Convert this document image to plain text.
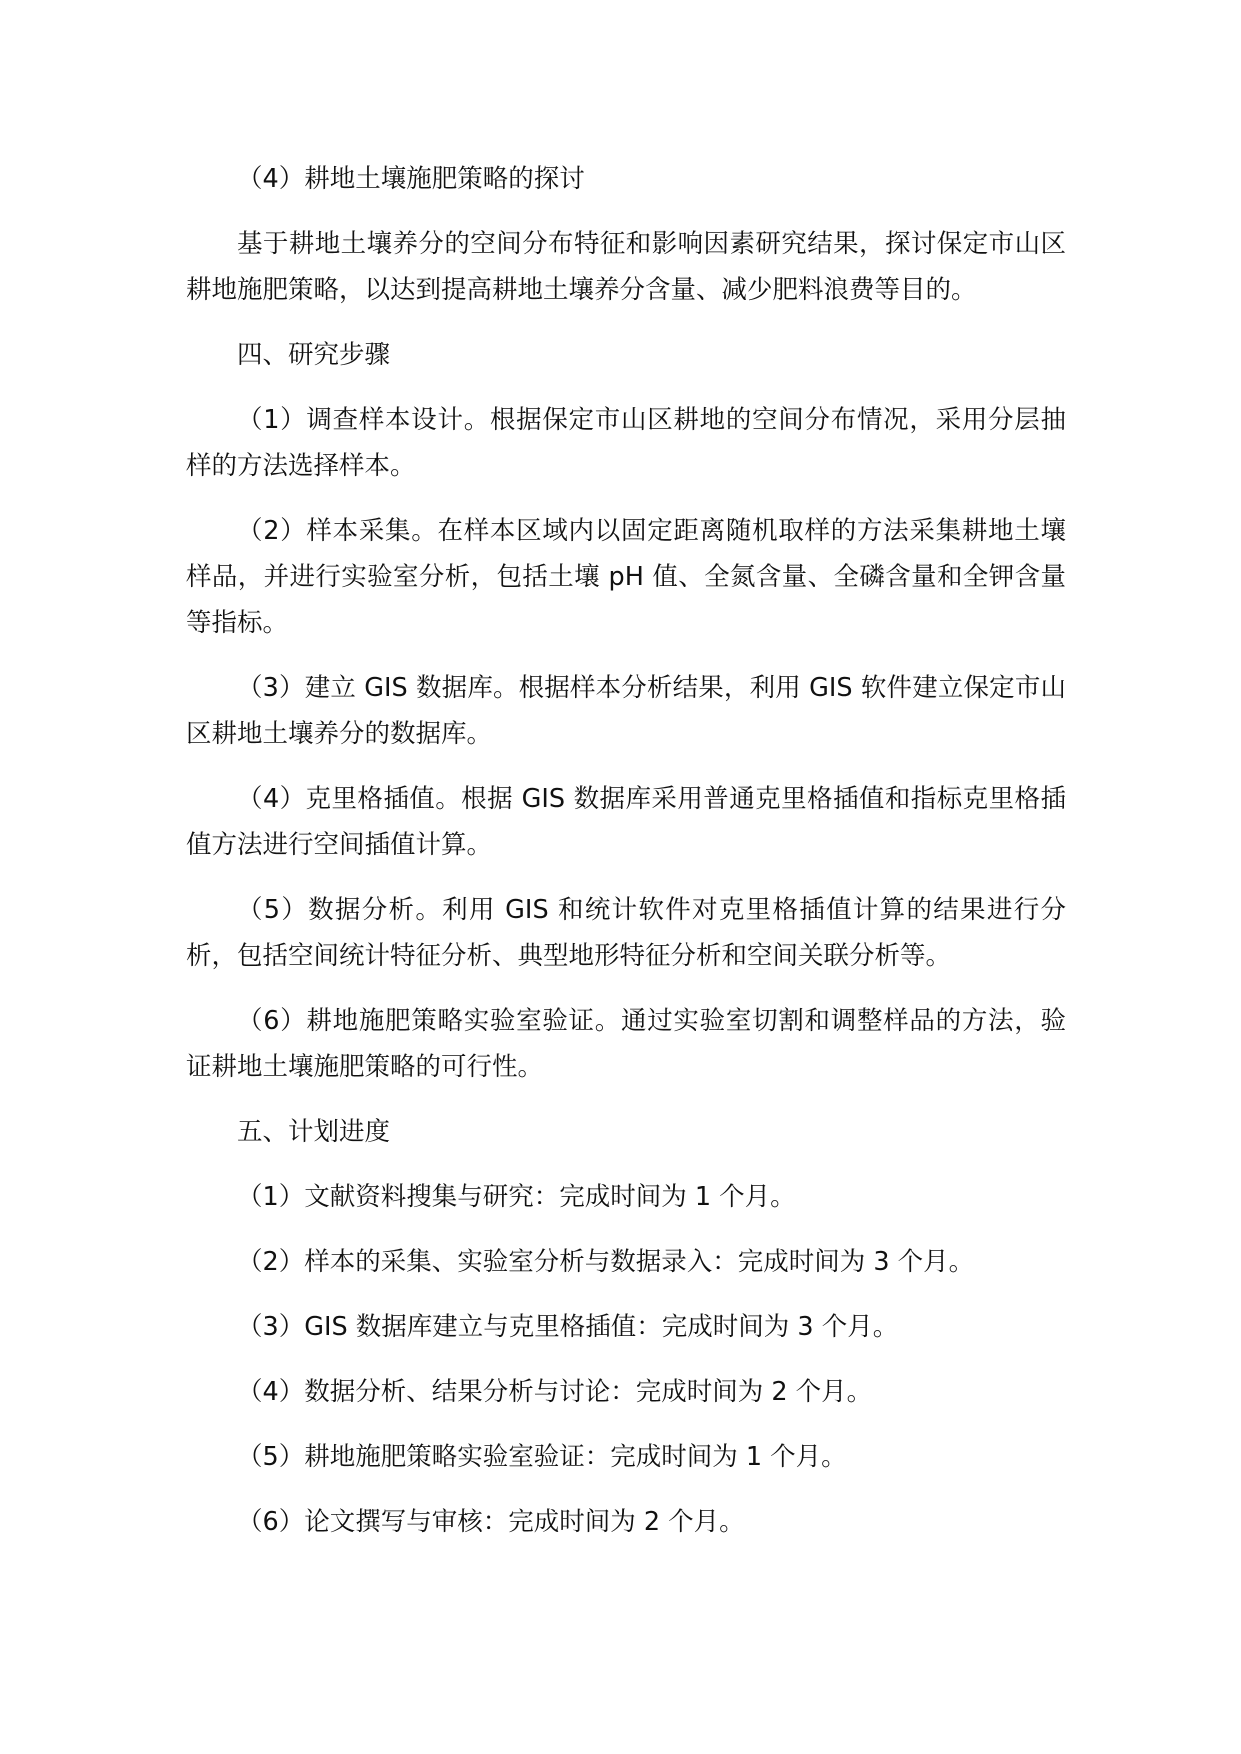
（4）耕地土壤施肥策略的探讨

基于耕地土壤养分的空间分布特征和影响因素研究结果，探讨保定市山区耕地施肥策略，以达到提高耕地土壤养分含量、减少肥料浪费等目的。

四、研究步骤

（1）调查样本设计。根据保定市山区耕地的空间分布情况，采用分层抽样的方法选择样本。

（2）样本采集。在样本区域内以固定距离随机取样的方法采集耕地土壤样品，并进行实验室分析，包括土壤 pH 值、全氮含量、全磷含量和全钾含量等指标。

（3）建立 GIS 数据库。根据样本分析结果，利用 GIS 软件建立保定市山区耕地土壤养分的数据库。

（4）克里格插值。根据 GIS 数据库采用普通克里格插值和指标克里格插值方法进行空间插值计算。

（5）数据分析。利用 GIS 和统计软件对克里格插值计算的结果进行分析，包括空间统计特征分析、典型地形特征分析和空间关联分析等。

（6）耕地施肥策略实验室验证。通过实验室切割和调整样品的方法，验证耕地土壤施肥策略的可行性。

五、计划进度

（1）文献资料搜集与研究：完成时间为 1 个月。

（2）样本的采集、实验室分析与数据录入：完成时间为 3 个月。

（3）GIS 数据库建立与克里格插值：完成时间为 3 个月。

（4）数据分析、结果分析与讨论：完成时间为 2 个月。

（5）耕地施肥策略实验室验证：完成时间为 1 个月。

（6）论文撰写与审核：完成时间为 2 个月。
